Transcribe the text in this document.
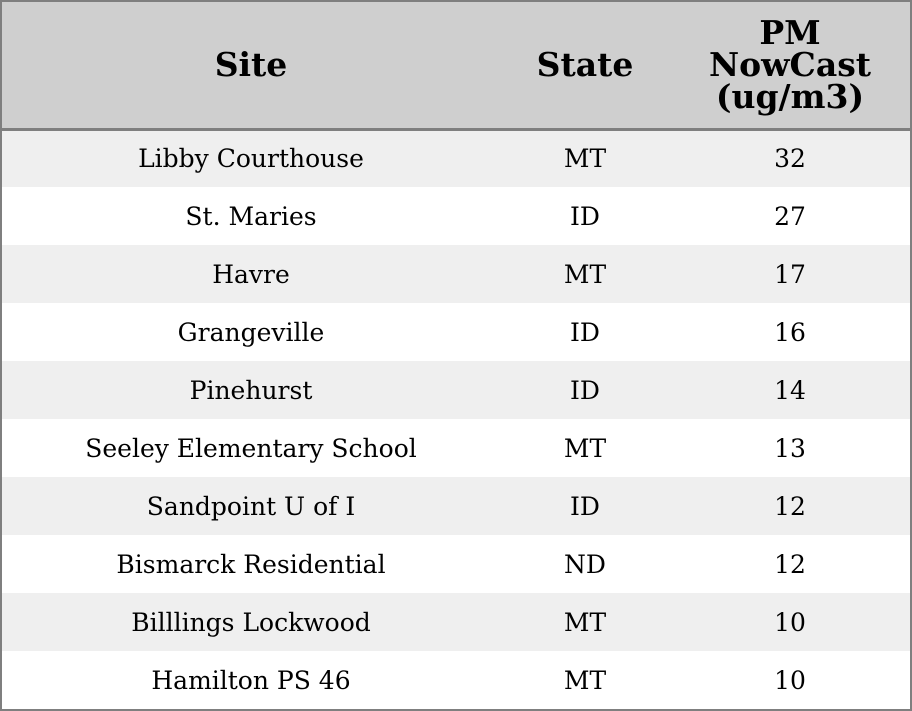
Site	State	PM
NowCast
(ug/m3)
Libby Courthouse	MT	32
St. Maries	ID	27
Havre	MT	17
Grangeville	ID	16
Pinehurst	ID	14
Seeley Elementary School	MT	13
Sandpoint U of I	ID	12
Bismarck Residential	ND	12
Billlings Lockwood	MT	10
Hamilton PS 46	MT	10
